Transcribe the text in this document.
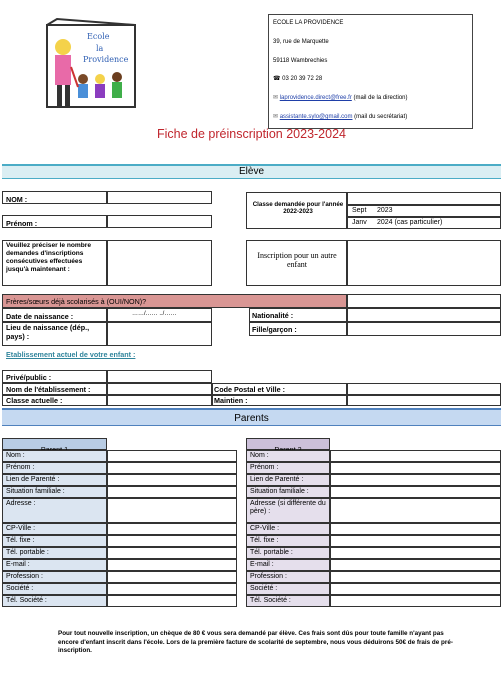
Ecole
la
Providence
ECOLE LA PROVIDENCE
39, rue de Marquette
59118 Wambrechies
☎ 03 20 39 72 28
✉ laprovidence.direct@free.fr (mail de la direction)
✉ assistante.sylo@gmail.com (mail du secrétariat)
Fiche de préinscription 2023-2024
Elève
NOM :
Prénom :
Classe demandée pour l'année 2022-2023	Sept 2023
Janv 2024 (cas particulier)
Veuillez préciser le nombre demandes d'inscriptions consécutives effectuées jusqu'à maintenant :
Inscription pour un autre enfant
Frères/sœurs déjà scolarisés à (OUI/NON)?
Date de naissance :	……/…… ../……	Nationalité :
Lieu de naissance (dép., pays) :
Fille/garçon :
Etablissement actuel de votre enfant :
Privé/public :
Nom de l'établissement :	Code Postal et Ville :
Classe actuelle :	Maintien :
Parents
Nom :
Prénom :
Lien de Parenté :
Situation familiale :
Adresse :
CP-Ville :
Tél. fixe :
Tél. portable :
E-mail :
Profession :
Société :
Tél. Société :
Nom :
Prénom :
Lien de Parenté :
Situation familiale :
Adresse (si différente du père) :
CP-Ville :
Tél. fixe :
Tél. portable :
E-mail :
Profession :
Société :
Tél. Société :
Pour tout nouvelle inscription, un chèque de 80 € vous sera demandé par élève. Ces frais sont dûs pour toute famille n'ayant pas encore d'enfant inscrit dans l'école. Lors de la première facture de scolarité de septembre, nous vous déduirons 50€ de frais de pré-inscription.
